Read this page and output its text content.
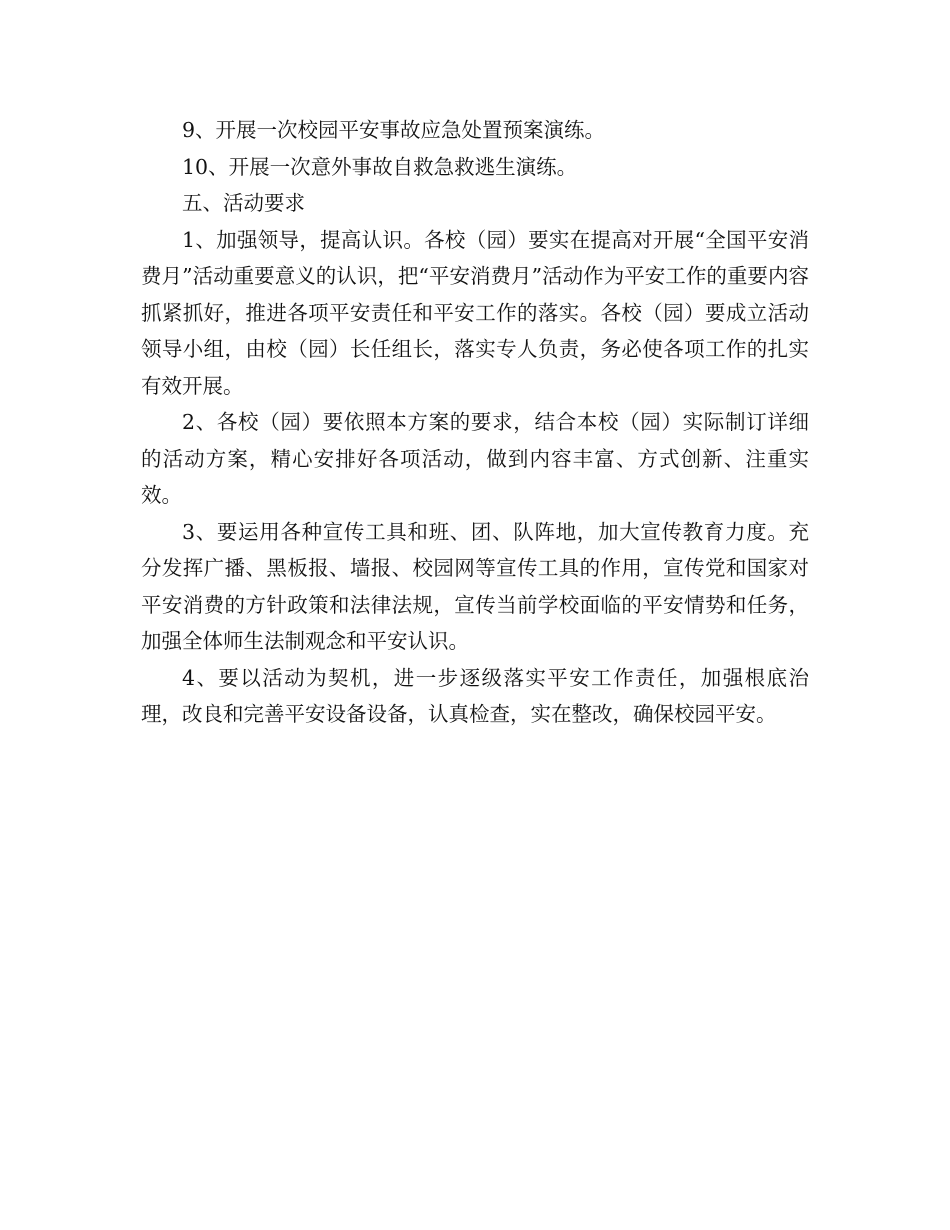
9、开展一次校园平安事故应急处置预案演练。

10、开展一次意外事故自救急救逃生演练。

五、活动要求

1、加强领导，提高认识。各校（园）要实在提高对开展“全国平安消费月”活动重要意义的认识，把“平安消费月”活动作为平安工作的重要内容抓紧抓好，推进各项平安责任和平安工作的落实。各校（园）要成立活动领导小组，由校（园）长任组长，落实专人负责，务必使各项工作的扎实有效开展。

2、各校（园）要依照本方案的要求，结合本校（园）实际制订详细的活动方案，精心安排好各项活动，做到内容丰富、方式创新、注重实效。

3、要运用各种宣传工具和班、团、队阵地，加大宣传教育力度。充分发挥广播、黑板报、墙报、校园网等宣传工具的作用，宣传党和国家对平安消费的方针政策和法律法规，宣传当前学校面临的平安情势和任务，加强全体师生法制观念和平安认识。

4、要以活动为契机，进一步逐级落实平安工作责任，加强根底治理，改良和完善平安设备设备，认真检查，实在整改，确保校园平安。
